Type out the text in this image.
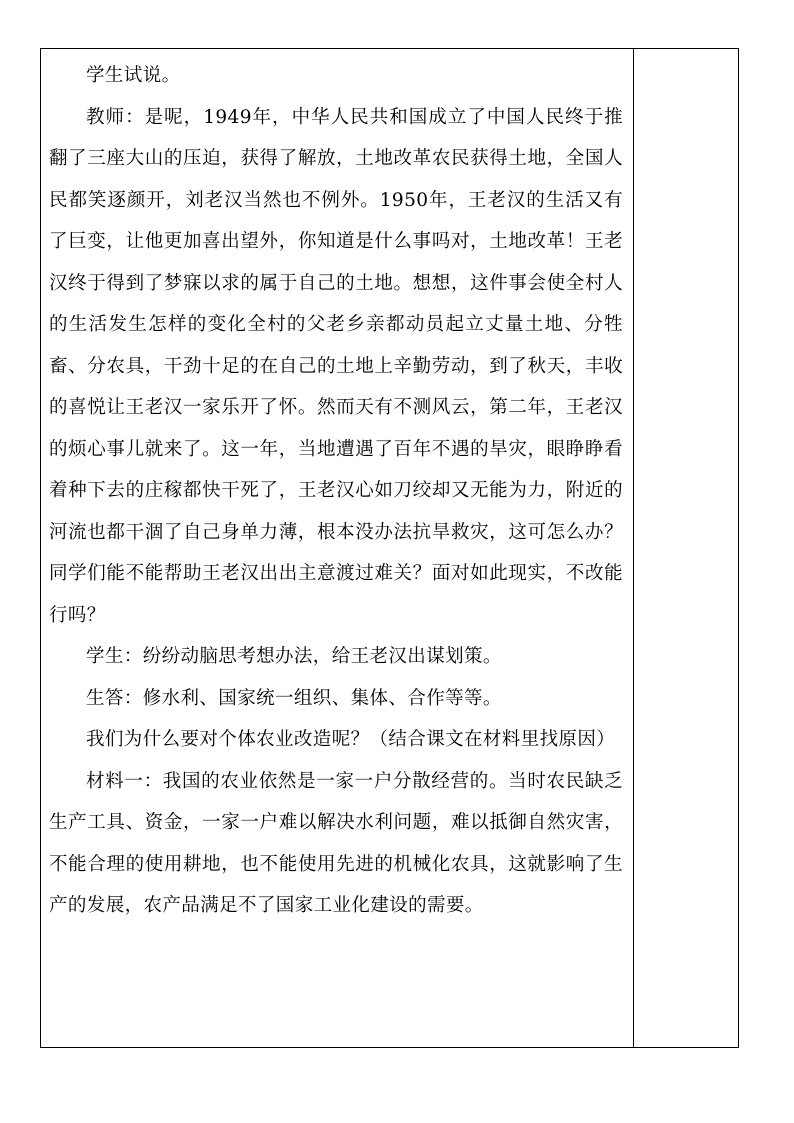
学生试说。

教师：是呢，1949年，中华人民共和国成立了中国人民终于推翻了三座大山的压迫，获得了解放，土地改革农民获得土地，全国人民都笑逐颜开，刘老汉当然也不例外。1950年，王老汉的生活又有了巨变，让他更加喜出望外，你知道是什么事吗对，土地改革！王老汉终于得到了梦寐以求的属于自己的土地。想想，这件事会使全村人的生活发生怎样的变化全村的父老乡亲都动员起立丈量土地、分牲畜、分农具，干劲十足的在自己的土地上辛勤劳动，到了秋天，丰收的喜悦让王老汉一家乐开了怀。然而天有不测风云，第二年，王老汉的烦心事儿就来了。这一年，当地遭遇了百年不遇的旱灾，眼睁睁看着种下去的庄稼都快干死了，王老汉心如刀绞却又无能为力，附近的河流也都干涸了自己身单力薄，根本没办法抗旱救灾，这可怎么办？同学们能不能帮助王老汉出出主意渡过难关？面对如此现实，不改能行吗？

学生：纷纷动脑思考想办法，给王老汉出谋划策。

生答：修水利、国家统一组织、集体、合作等等。

我们为什么要对个体农业改造呢？（结合课文在材料里找原因）

材料一：我国的农业依然是一家一户分散经营的。当时农民缺乏生产工具、资金，一家一户难以解决水利问题，难以抵御自然灾害，不能合理的使用耕地，也不能使用先进的机械化农具，这就影响了生产的发展，农产品满足不了国家工业化建设的需要。
